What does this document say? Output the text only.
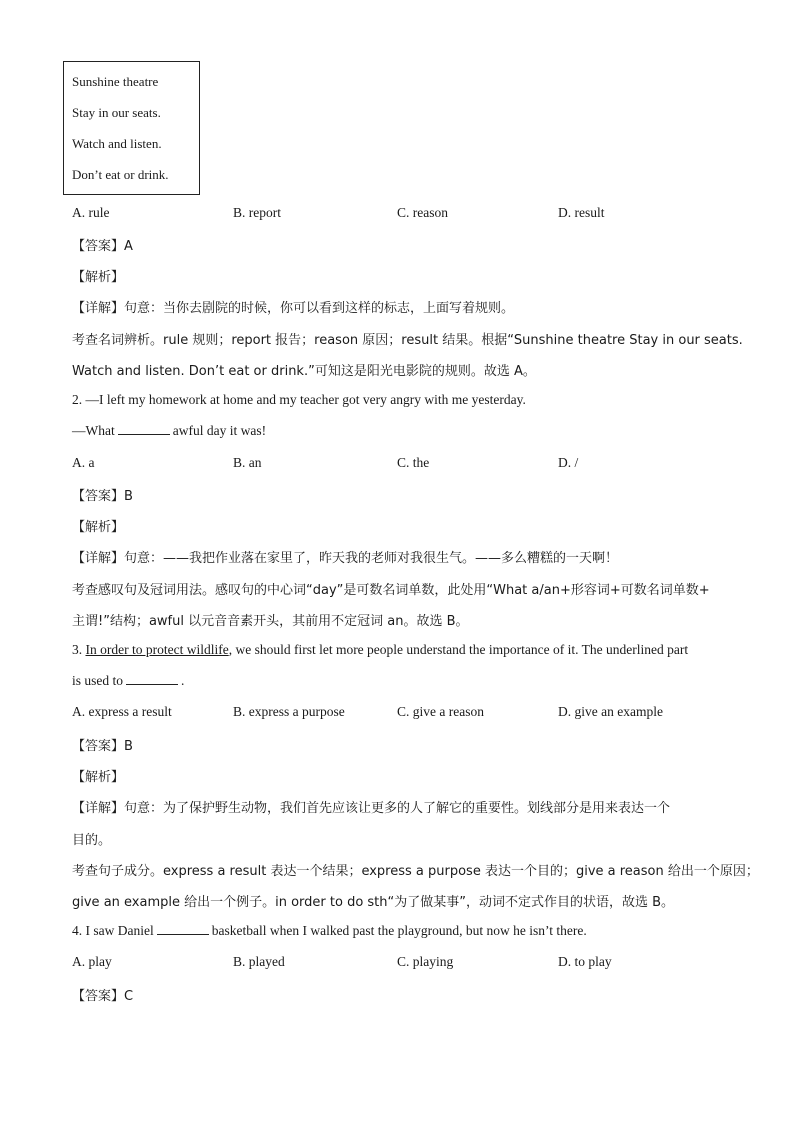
Sunshine theatre
Stay in our seats.
Watch and listen.
Don’t eat or drink.
A. rule	B. report	C. reason	D. result
【答案】A
【解析】
【详解】句意：当你去剧院的时候，你可以看到这样的标志，上面写着规则。
考查名词辨析。rule 规则；report 报告；reason 原因；result 结果。根据“Sunshine theatre Stay in our seats.
Watch and listen. Don’t eat or drink.”可知这是阳光电影院的规则。故选 A。
2. —I left my homework at home and my teacher got very angry with me yesterday.
—What	awful day it was!
A. a	B. an	C. the	D. /
【答案】B
【解析】
【详解】句意：——我把作业落在家里了，昨天我的老师对我很生气。——多么糟糕的一天啊！
考查感叹句及冠词用法。感叹句的中心词“day”是可数名词单数，此处用“What a/an+形容词+可数名词单数+
主谓!”结构；awful 以元音音素开头，其前用不定冠词 an。故选 B。
3. In order to protect wildlife, we should first let more people understand the importance of it. The underlined part
is used to	.
A. express a result	B. express a purpose	C. give a reason	D. give an example
【答案】B
【解析】
【详解】句意：为了保护野生动物，我们首先应该让更多的人了解它的重要性。划线部分是用来表达一个
目的。
考查句子成分。express a result 表达一个结果；express a purpose 表达一个目的；give a reason 给出一个原因；
give an example 给出一个例子。in order to do sth“为了做某事”，动词不定式作目的状语，故选 B。
4. I saw Daniel	basketball when I walked past the playground, but now he isn’t there.
A. play	B. played	C. playing	D. to play
【答案】C
